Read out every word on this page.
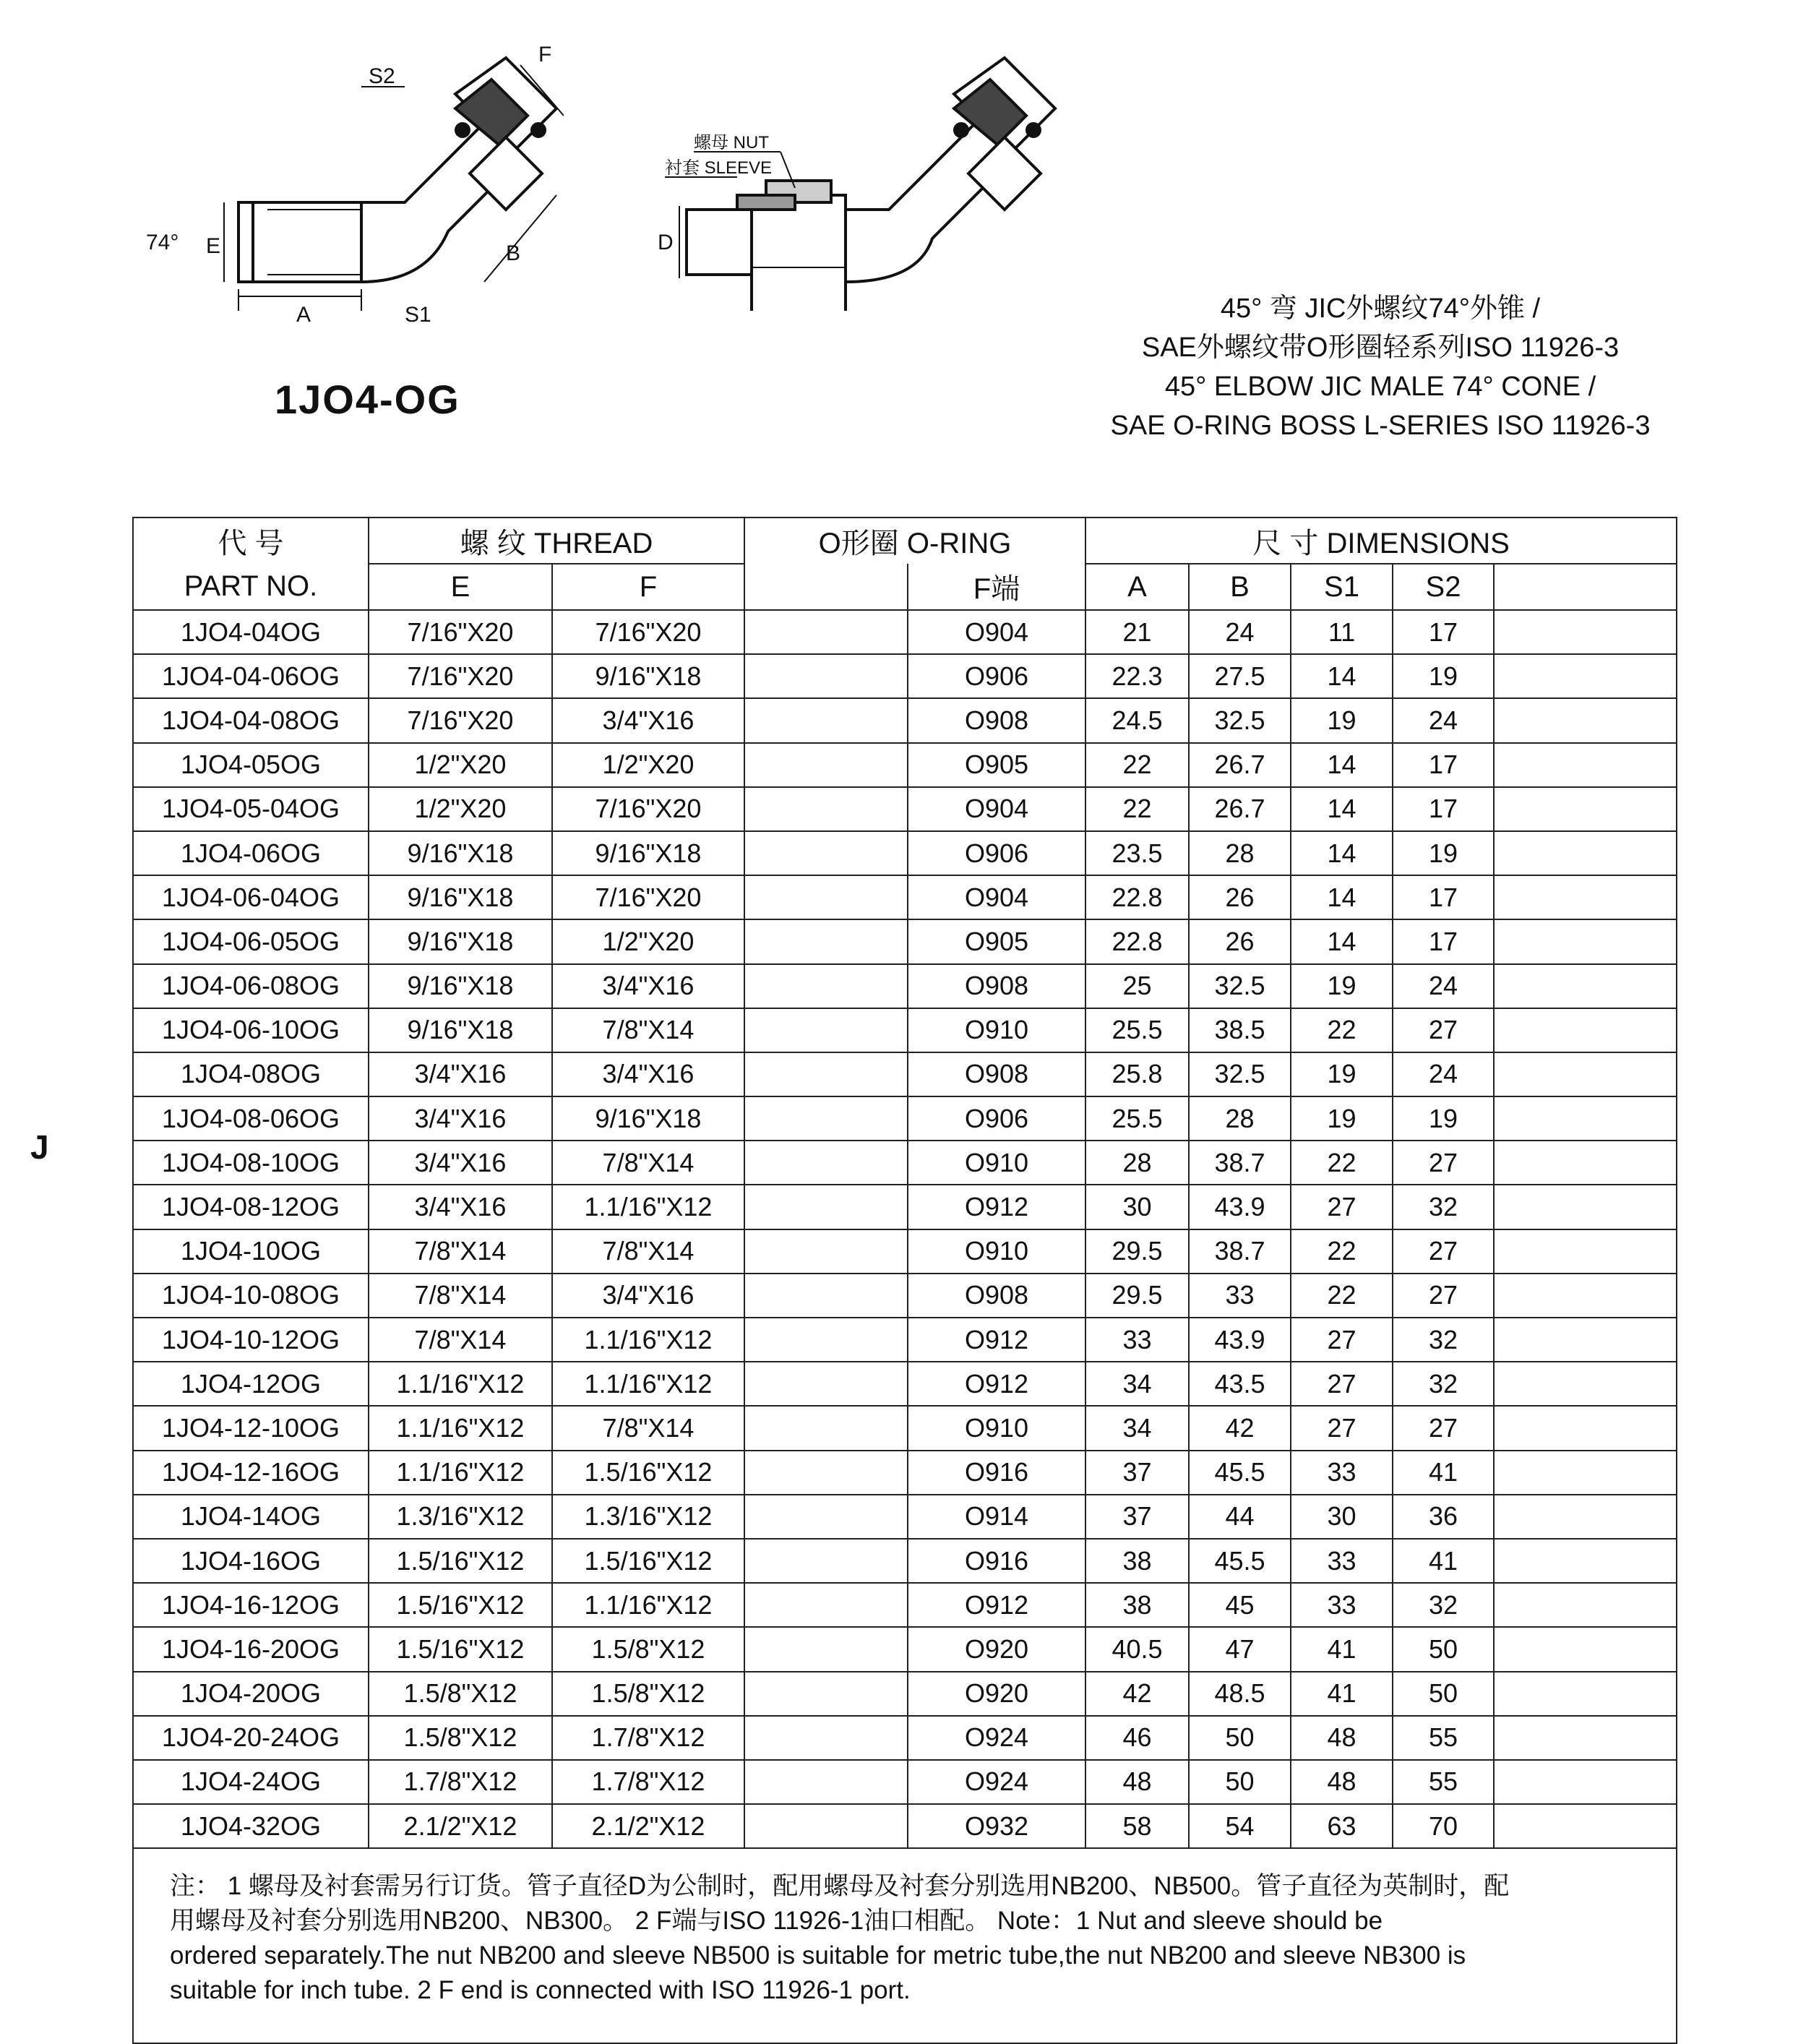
S2
F
74° E	B
A	S1
螺母 NUT
衬套 SLEEVE
D
1JO4-OG
45° 弯 JIC外螺纹74°外锥 /
SAE外螺纹带O形圈轻系列ISO 11926-3
45° ELBOW JIC MALE 74° CONE /
SAE O-RING BOSS L-SERIES ISO 11926-3
J
代 号	螺 纹 THREAD		O形圈 O-RING		尺 寸 DIMENSIONS				
PART NO.	E	F		F端	A	B	S1	S2	
1JO4-04OG	7/16"X20	7/16"X20		O904	21	24	11	17	
1JO4-04-06OG	7/16"X20	9/16"X18		O906	22.3	27.5	14	19	
1JO4-04-08OG	7/16"X20	3/4"X16		O908	24.5	32.5	19	24	
1JO4-05OG	1/2"X20	1/2"X20		O905	22	26.7	14	17	
1JO4-05-04OG	1/2"X20	7/16"X20		O904	22	26.7	14	17	
1JO4-06OG	9/16"X18	9/16"X18		O906	23.5	28	14	19	
1JO4-06-04OG	9/16"X18	7/16"X20		O904	22.8	26	14	17	
1JO4-06-05OG	9/16"X18	1/2"X20		O905	22.8	26	14	17	
1JO4-06-08OG	9/16"X18	3/4"X16		O908	25	32.5	19	24	
1JO4-06-10OG	9/16"X18	7/8"X14		O910	25.5	38.5	22	27	
1JO4-08OG	3/4"X16	3/4"X16		O908	25.8	32.5	19	24	
1JO4-08-06OG	3/4"X16	9/16"X18		O906	25.5	28	19	19	
1JO4-08-10OG	3/4"X16	7/8"X14		O910	28	38.7	22	27	
1JO4-08-12OG	3/4"X16	1.1/16"X12		O912	30	43.9	27	32	
1JO4-10OG	7/8"X14	7/8"X14		O910	29.5	38.7	22	27	
1JO4-10-08OG	7/8"X14	3/4"X16		O908	29.5	33	22	27	
1JO4-10-12OG	7/8"X14	1.1/16"X12		O912	33	43.9	27	32	
1JO4-12OG	1.1/16"X12	1.1/16"X12		O912	34	43.5	27	32	
1JO4-12-10OG	1.1/16"X12	7/8"X14		O910	34	42	27	27	
1JO4-12-16OG	1.1/16"X12	1.5/16"X12		O916	37	45.5	33	41	
1JO4-14OG	1.3/16"X12	1.3/16"X12		O914	37	44	30	36	
1JO4-16OG	1.5/16"X12	1.5/16"X12		O916	38	45.5	33	41	
1JO4-16-12OG	1.5/16"X12	1.1/16"X12		O912	38	45	33	32	
1JO4-16-20OG	1.5/16"X12	1.5/8"X12		O920	40.5	47	41	50	
1JO4-20OG	1.5/8"X12	1.5/8"X12		O920	42	48.5	41	50	
1JO4-20-24OG	1.5/8"X12	1.7/8"X12		O924	46	50	48	55	
1JO4-24OG	1.7/8"X12	1.7/8"X12		O924	48	50	48	55	
1JO4-32OG	2.1/2"X12	2.1/2"X12		O932	58	54	63	70	

注： 1 螺母及衬套需另行订货。管子直径D为公制时，配用螺母及衬套分别选用NB200、NB500。管子直径为英制时，配
用螺母及衬套分别选用NB200、NB300。 2 F端与ISO 11926-1油口相配。 Note：1 Nut and sleeve should be
ordered separately.The nut NB200 and sleeve NB500 is suitable for metric tube,the nut NB200 and sleeve NB300 is
suitable for inch tube. 2 F end is connected with ISO 11926-1 port.									
